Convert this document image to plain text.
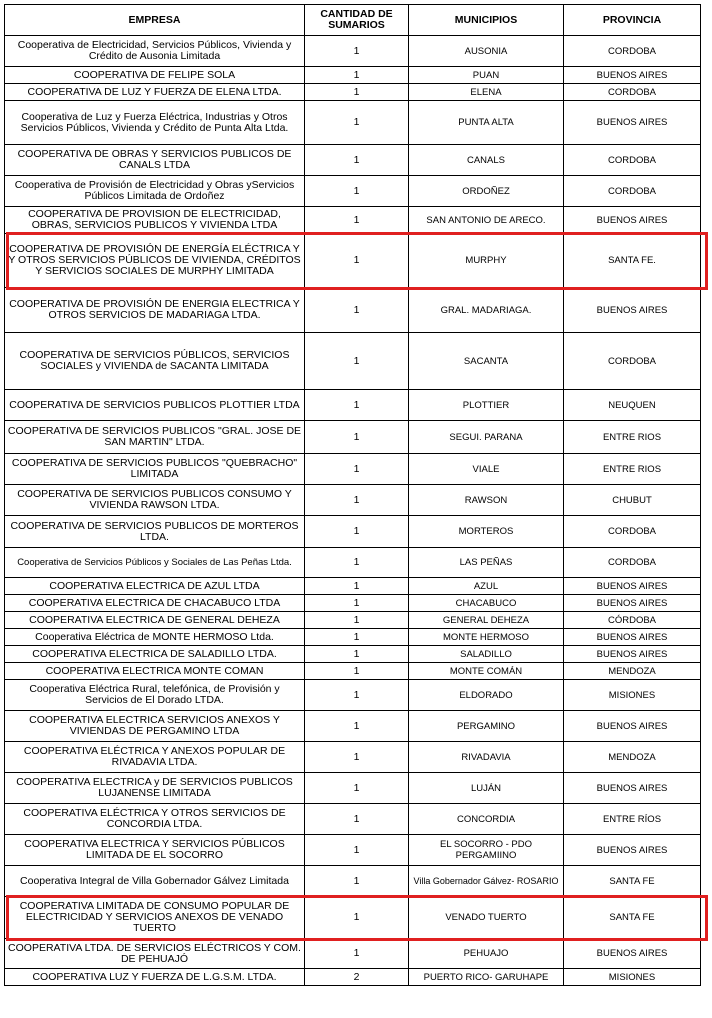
EMPRESA	CANTIDAD DE SUMARIOS	MUNICIPIOS	PROVINCIA
Cooperativa de Electricidad, Servicios Públicos, Vivienda y Crédito de Ausonia Limitada	1	AUSONIA	CORDOBA
COOPERATIVA DE FELIPE SOLA	1	PUAN	BUENOS AIRES
COOPERATIVA DE LUZ Y FUERZA DE ELENA LTDA.	1	ELENA	CORDOBA
Cooperativa de Luz y Fuerza Eléctrica, Industrias y Otros Servicios Públicos, Vivienda y Crédito de Punta Alta Ltda.	1	PUNTA ALTA	BUENOS AIRES
COOPERATIVA DE OBRAS Y SERVICIOS PUBLICOS DE CANALS LTDA	1	CANALS	CORDOBA
Cooperativa de Provisión de Electricidad y Obras yServicios Públicos Limitada de Ordoñez	1	ORDOÑEZ	CORDOBA
COOPERATIVA DE PROVISION DE ELECTRICIDAD, OBRAS, SERVICIOS PUBLICOS Y VIVIENDA LTDA	1	SAN ANTONIO DE ARECO.	BUENOS AIRES
COOPERATIVA DE PROVISIÓN DE ENERGÍA ELÉCTRICA Y Y OTROS SERVICIOS PÚBLICOS DE VIVIENDA, CRÉDITOS Y SERVICIOS SOCIALES DE MURPHY LIMITADA	1	MURPHY	SANTA FE.
COOPERATIVA DE PROVISIÓN DE ENERGIA ELECTRICA Y OTROS SERVICIOS DE MADARIAGA LTDA.	1	GRAL. MADARIAGA.	BUENOS AIRES
COOPERATIVA DE SERVICIOS PÚBLICOS, SERVICIOS SOCIALES y VIVIENDA de SACANTA LIMITADA	1	SACANTA	CORDOBA
COOPERATIVA DE SERVICIOS PUBLICOS PLOTTIER LTDA	1	PLOTTIER	NEUQUEN
COOPERATIVA DE SERVICIOS PUBLICOS "GRAL. JOSE DE SAN MARTIN" LTDA.	1	SEGUI. PARANA	ENTRE RIOS
COOPERATIVA DE SERVICIOS PUBLICOS "QUEBRACHO" LIMITADA	1	VIALE	ENTRE RIOS
COOPERATIVA DE SERVICIOS PUBLICOS CONSUMO Y VIVIENDA RAWSON LTDA.	1	RAWSON	CHUBUT
COOPERATIVA DE SERVICIOS PUBLICOS DE MORTEROS LTDA.	1	MORTEROS	CORDOBA
Cooperativa de Servicios Públicos y Sociales de Las Peñas Ltda.	1	LAS PEÑAS	CORDOBA
COOPERATIVA ELECTRICA DE AZUL LTDA	1	AZUL	BUENOS AIRES
COOPERATIVA ELECTRICA DE CHACABUCO LTDA	1	CHACABUCO	BUENOS AIRES
COOPERATIVA ELECTRICA DE GENERAL DEHEZA	1	GENERAL DEHEZA	CÓRDOBA
Cooperativa Eléctrica de MONTE HERMOSO Ltda.	1	MONTE HERMOSO	BUENOS AIRES
COOPERATIVA ELECTRICA DE SALADILLO LTDA.	1	SALADILLO	BUENOS AIRES
COOPERATIVA ELECTRICA MONTE COMAN	1	MONTE COMÁN	MENDOZA
Cooperativa Eléctrica Rural, telefónica, de Provisión y Servicios de El Dorado LTDA.	1	ELDORADO	MISIONES
COOPERATIVA ELECTRICA SERVICIOS ANEXOS Y VIVIENDAS DE PERGAMINO LTDA	1	PERGAMINO	BUENOS AIRES
COOPERATIVA ELÉCTRICA Y ANEXOS POPULAR DE RIVADAVIA LTDA.	1	RIVADAVIA	MENDOZA
COOPERATIVA ELECTRICA y DE SERVICIOS PUBLICOS LUJANENSE LIMITADA	1	LUJÁN	BUENOS AIRES
COOPERATIVA ELÉCTRICA Y OTROS SERVICIOS DE CONCORDIA LTDA.	1	CONCORDIA	ENTRE RÍOS
COOPERATIVA ELECTRICA Y SERVICIOS PÚBLICOS LIMITADA DE EL SOCORRO	1	EL SOCORRO - PDO PERGAMIINO	BUENOS AIRES
Cooperativa Integral de Villa Gobernador Gálvez Limitada	1	Villa Gobernador Gálvez- ROSARIO	SANTA FE
COOPERATIVA LIMITADA DE CONSUMO POPULAR DE ELECTRICIDAD Y SERVICIOS ANEXOS DE VENADO TUERTO	1	VENADO TUERTO	SANTA FE
COOPERATIVA LTDA. DE SERVICIOS ELÉCTRICOS Y COM. DE PEHUAJÓ	1	PEHUAJO	BUENOS AIRES
COOPERATIVA LUZ Y FUERZA DE L.G.S.M. LTDA.	2	PUERTO RICO- GARUHAPE	MISIONES
